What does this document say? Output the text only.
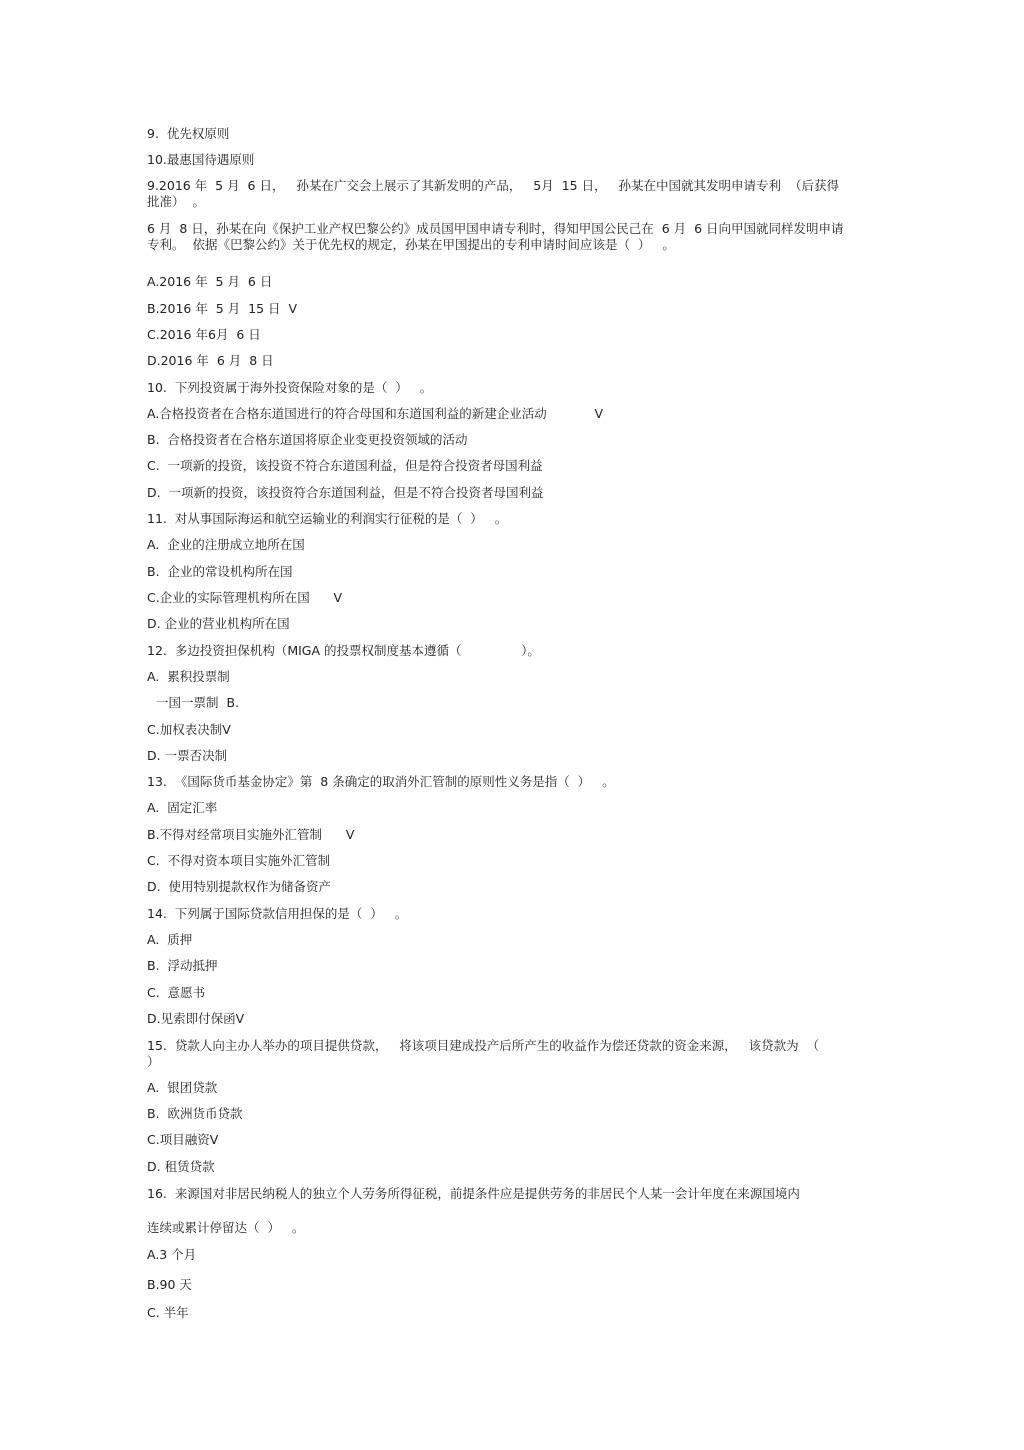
9.  优先权原则
10.最惠国待遇原则
9.2016 年  5 月  6 日，   孙某在广交会上展示了其新发明的产品，   5月  15 日，   孙某在中国就其发明申请专利  （后获得批准）  。
6 月  8 日，孙某在向《保护工业产权巴黎公约》成员国甲国申请专利时，得知甲国公民己在  6 月  6 日向甲国就同样发明申请专利。  依据《巴黎公约》关于优先权的规定，孙某在甲国提出的专利申请时间应该是（  ）   。
A.2016 年  5 月  6 日
B.2016 年  5 月  15 日  V
C.2016 年6月  6 日
D.2016 年  6 月  8 日
10.  下列投资属于海外投资保险对象的是（  ）   。
A.合格投资者在合格东道国进行的符合母国和东道国利益的新建企业活动            V
B.  合格投资者在合格东道国将原企业变更投资领域的活动
C.  一项新的投资，该投资不符合东道国利益，但是符合投资者母国利益
D.  一项新的投资，该投资符合东道国利益，但是不符合投资者母国利益
11.  对从事国际海运和航空运输业的利润实行征税的是（  ）   。
A.  企业的注册成立地所在国
B.  企业的常设机构所在国
C.企业的实际管理机构所在国      V
D. 企业的营业机构所在国
12.  多边投资担保机构（MIGA 的投票权制度基本遵循（               ）。
A.  累积投票制
一国一票制  B.
C.加权表决制V
D. 一票否决制
13.  《国际货币基金协定》第  8 条确定的取消外汇管制的原则性义务是指（  ）   。
A.  固定汇率
B.不得对经常项目实施外汇管制      V
C.  不得对资本项目实施外汇管制
D.  使用特别提款权作为储备资产
14.  下列属于国际贷款信用担保的是（  ）   。
A.  质押
B.  浮动抵押
C.  意愿书
D.见索即付保函V
15.  贷款人向主办人举办的项目提供贷款，   将该项目建成投产后所产生的收益作为偿还贷款的资金来源，   该贷款为  （          ）
A.  银团贷款
B.  欧洲货币贷款
C.项目融资V
D. 租赁贷款
16.  来源国对非居民纳税人的独立个人劳务所得征税，前提条件应是提供劳务的非居民个人某一会计年度在来源国境内
连续或累计停留达（  ）   。
A.3 个月
B.90 天
C. 半年
